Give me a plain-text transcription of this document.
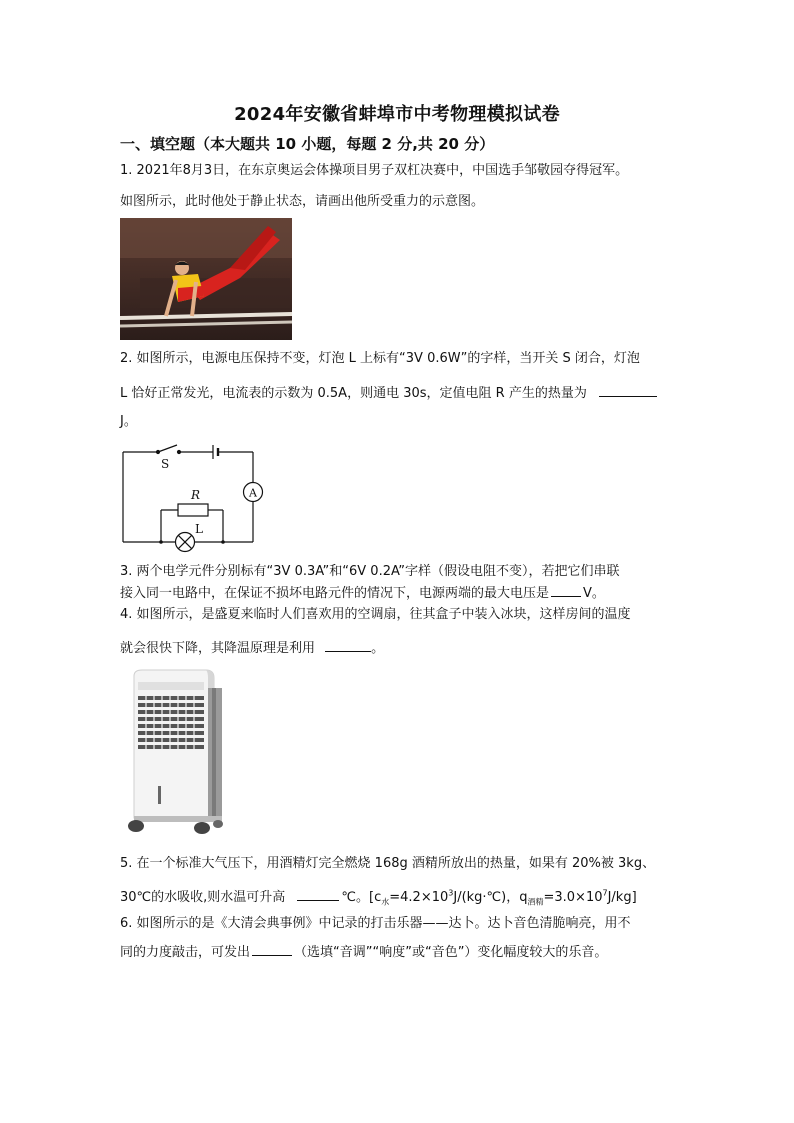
2024年安徽省蚌埠市中考物理模拟试卷
一、填空题（本大题共 10 小题，每题 2 分,共 20 分）
1. 2021年8月3日，在东京奥运会体操项目男子双杠决赛中，中国选手邹敬园夺得冠军。
如图所示，此时他处于静止状态，请画出他所受重力的示意图。
2. 如图所示，电源电压保持不变，灯泡 L 上标有“3V 0.6W”的字样，当开关 S 闭合，灯泡
L 恰好正常发光，电流表的示数为 0.5A，则通电 30s，定值电阻 R 产生的热量为
J。
S
A
R
L
3. 两个电学元件分别标有“3V 0.3A”和“6V 0.2A”字样（假设电阻不变），若把它们串联
接入同一电路中，在保证不损坏电路元件的情况下，电源两端的最大电压是	V。
4. 如图所示，是盛夏来临时人们喜欢用的空调扇，往其盒子中装入冰块，这样房间的温度
就会很快下降，其降温原理是利用	。
5. 在一个标准大气压下，用酒精灯完全燃烧 168g 酒精所放出的热量，如果有 20%被 3kg、
30℃的水吸收,则水温可升高	℃。[$c_水=4.2\times 10^3J/(kg\cdot℃)$，$q_{酒精}=3.0\times 10^7J/kg$]
6. 如图所示的是《大清会典事例》中记录的打击乐器——达卜。达卜音色清脆响亮，用不
同的力度敲击，可发出	（选填“音调”“响度”或“音色”）变化幅度较大的乐音。
